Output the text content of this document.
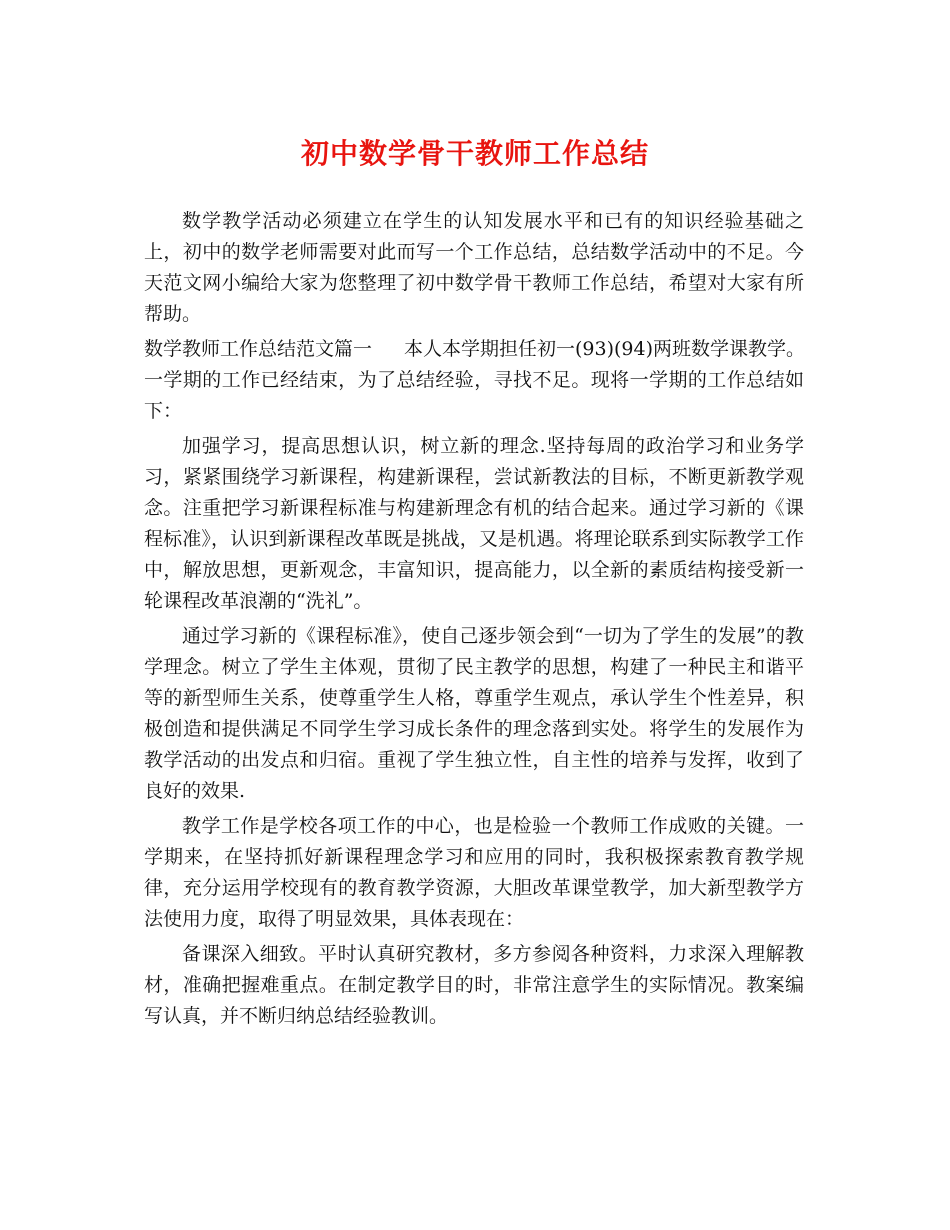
初中数学骨干教师工作总结

数学教学活动必须建立在学生的认知发展水平和已有的知识经验基础之上，初中的数学老师需要对此而写一个工作总结，总结数学活动中的不足。今天范文网小编给大家为您整理了初中数学骨干教师工作总结，希望对大家有所帮助。

数学教师工作总结范文篇一 本人本学期担任初一(93)(94)两班数学课教学。
一学期的工作已经结束，为了总结经验，寻找不足。现将一学期的工作总结如下：

加强学习，提高思想认识，树立新的理念.坚持每周的政治学习和业务学习，紧紧围绕学习新课程，构建新课程，尝试新教法的目标，不断更新教学观念。注重把学习新课程标准与构建新理念有机的结合起来。通过学习新的《课程标准》，认识到新课程改革既是挑战，又是机遇。将理论联系到实际教学工作中，解放思想，更新观念，丰富知识，提高能力，以全新的素质结构接受新一轮课程改革浪潮的“洗礼”。

通过学习新的《课程标准》，使自己逐步领会到“一切为了学生的发展”的教学理念。树立了学生主体观，贯彻了民主教学的思想，构建了一种民主和谐平等的新型师生关系，使尊重学生人格，尊重学生观点，承认学生个性差异，积极创造和提供满足不同学生学习成长条件的理念落到实处。将学生的发展作为教学活动的出发点和归宿。重视了学生独立性，自主性的培养与发挥，收到了良好的效果.

教学工作是学校各项工作的中心，也是检验一个教师工作成败的关键。一学期来，在坚持抓好新课程理念学习和应用的同时，我积极探索教育教学规律，充分运用学校现有的教育教学资源，大胆改革课堂教学，加大新型教学方法使用力度，取得了明显效果，具体表现在：

备课深入细致。平时认真研究教材，多方参阅各种资料，力求深入理解教材，准确把握难重点。在制定教学目的时，非常注意学生的实际情况。教案编写认真，并不断归纳总结经验教训。
